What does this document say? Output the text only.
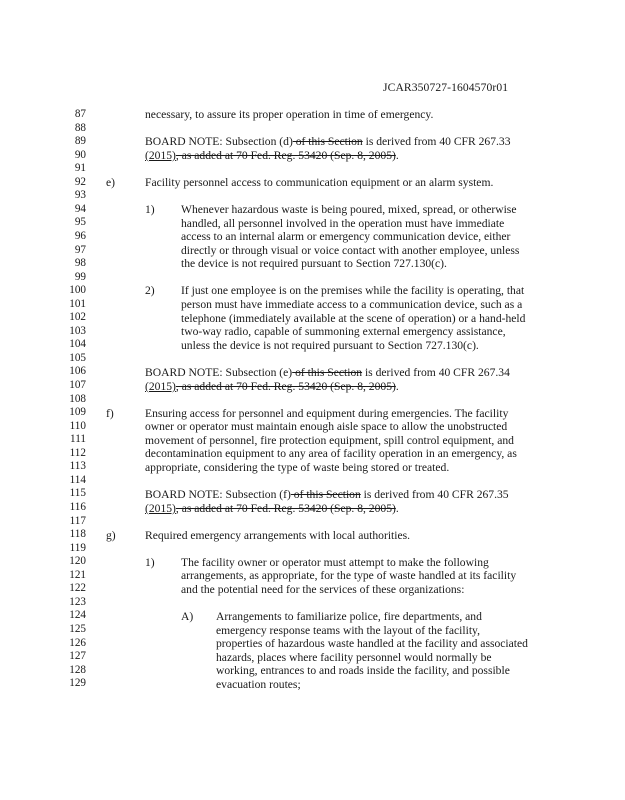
JCAR350727-1604570r01
87
88
89
90
91
92
93
94
95
96
97
98
99
100
101
102
103
104
105
106
107
108
109
110
111
112
113
114
115
116
117
118
119
120
121
122
123
124
125
126
127
128
129
necessary, to assure its proper operation in time of emergency.
BOARD NOTE: Subsection (d) of this Section is derived from 40 CFR 267.33
(2015), as added at 70 Fed. Reg. 53420 (Sep. 8, 2005).
e)	Facility personnel access to communication equipment or an alarm system.
1) Whenever hazardous waste is being poured, mixed, spread, or otherwise
handled, all personnel involved in the operation must have immediate
access to an internal alarm or emergency communication device, either
directly or through visual or voice contact with another employee, unless
the device is not required pursuant to Section 727.130(c).
2) If just one employee is on the premises while the facility is operating, that
person must have immediate access to a communication device, such as a
telephone (immediately available at the scene of operation) or a hand-held
two-way radio, capable of summoning external emergency assistance,
unless the device is not required pursuant to Section 727.130(c).
BOARD NOTE: Subsection (e) of this Section is derived from 40 CFR 267.34
(2015), as added at 70 Fed. Reg. 53420 (Sep. 8, 2005).
f)	Ensuring access for personnel and equipment during emergencies. The facility
owner or operator must maintain enough aisle space to allow the unobstructed
movement of personnel, fire protection equipment, spill control equipment, and
decontamination equipment to any area of facility operation in an emergency, as
appropriate, considering the type of waste being stored or treated.
BOARD NOTE: Subsection (f) of this Section is derived from 40 CFR 267.35
(2015), as added at 70 Fed. Reg. 53420 (Sep. 8, 2005).
g)	Required emergency arrangements with local authorities.
1) The facility owner or operator must attempt to make the following
arrangements, as appropriate, for the type of waste handled at its facility
and the potential need for the services of these organizations:
A) Arrangements to familiarize police, fire departments, and
emergency response teams with the layout of the facility,
properties of hazardous waste handled at the facility and associated
hazards, places where facility personnel would normally be
working, entrances to and roads inside the facility, and possible
evacuation routes;
